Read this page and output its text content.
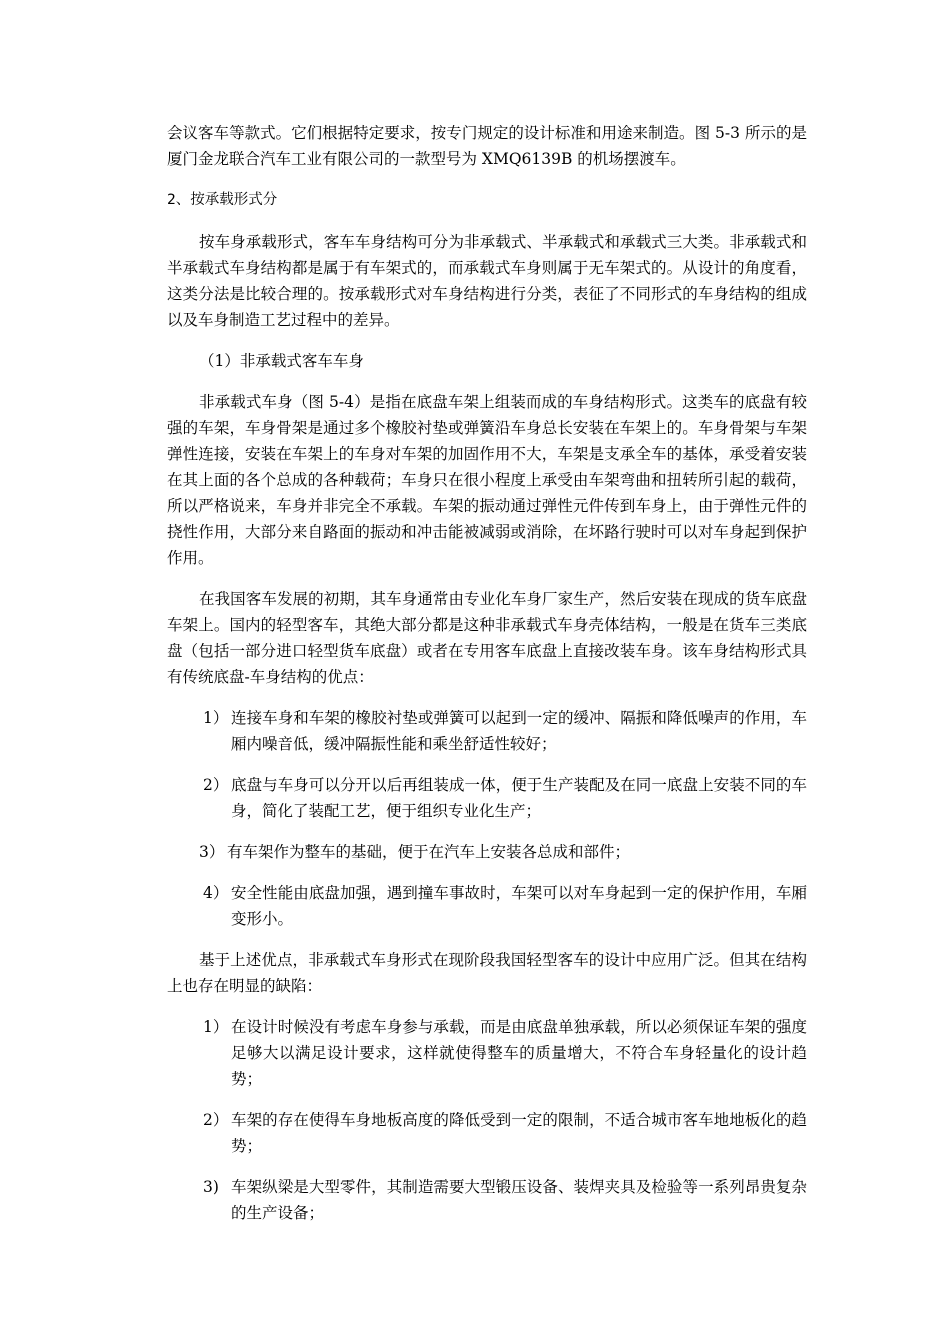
会议客车等款式。它们根据特定要求，按专门规定的设计标准和用途来制造。图 5-3 所示的是厦门金龙联合汽车工业有限公司的一款型号为 XMQ6139B 的机场摆渡车。

2、按承载形式分

按车身承载形式，客车车身结构可分为非承载式、半承载式和承载式三大类。非承载式和半承载式车身结构都是属于有车架式的，而承载式车身则属于无车架式的。从设计的角度看，这类分法是比较合理的。按承载形式对车身结构进行分类，表征了不同形式的车身结构的组成以及车身制造工艺过程中的差异。

（1）非承载式客车车身

非承载式车身（图 5-4）是指在底盘车架上组装而成的车身结构形式。这类车的底盘有较强的车架，车身骨架是通过多个橡胶衬垫或弹簧沿车身总长安装在车架上的。车身骨架与车架弹性连接，安装在车架上的车身对车架的加固作用不大，车架是支承全车的基体，承受着安装在其上面的各个总成的各种载荷；车身只在很小程度上承受由车架弯曲和扭转所引起的载荷，所以严格说来，车身并非完全不承载。车架的振动通过弹性元件传到车身上，由于弹性元件的挠性作用，大部分来自路面的振动和冲击能被减弱或消除，在坏路行驶时可以对车身起到保护作用。

在我国客车发展的初期，其车身通常由专业化车身厂家生产，然后安装在现成的货车底盘车架上。国内的轻型客车，其绝大部分都是这种非承载式车身壳体结构，一般是在货车三类底盘（包括一部分进口轻型货车底盘）或者在专用客车底盘上直接改装车身。该车身结构形式具有传统底盘-车身结构的优点：

1） 连接车身和车架的橡胶衬垫或弹簧可以起到一定的缓冲、隔振和降低噪声的作用，车厢内噪音低，缓冲隔振性能和乘坐舒适性较好；
2） 底盘与车身可以分开以后再组装成一体，便于生产装配及在同一底盘上安装不同的车身，简化了装配工艺，便于组织专业化生产；
3） 有车架作为整车的基础，便于在汽车上安装各总成和部件；
4） 安全性能由底盘加强，遇到撞车事故时，车架可以对车身起到一定的保护作用，车厢变形小。

基于上述优点，非承载式车身形式在现阶段我国轻型客车的设计中应用广泛。但其在结构上也存在明显的缺陷：

1） 在设计时候没有考虑车身参与承载，而是由底盘单独承载，所以必须保证车架的强度足够大以满足设计要求，这样就使得整车的质量增大，不符合车身轻量化的设计趋势；
2） 车架的存在使得车身地板高度的降低受到一定的限制，不适合城市客车地地板化的趋势；
3) 车架纵梁是大型零件，其制造需要大型锻压设备、装焊夹具及检验等一系列昂贵复杂的生产设备；
